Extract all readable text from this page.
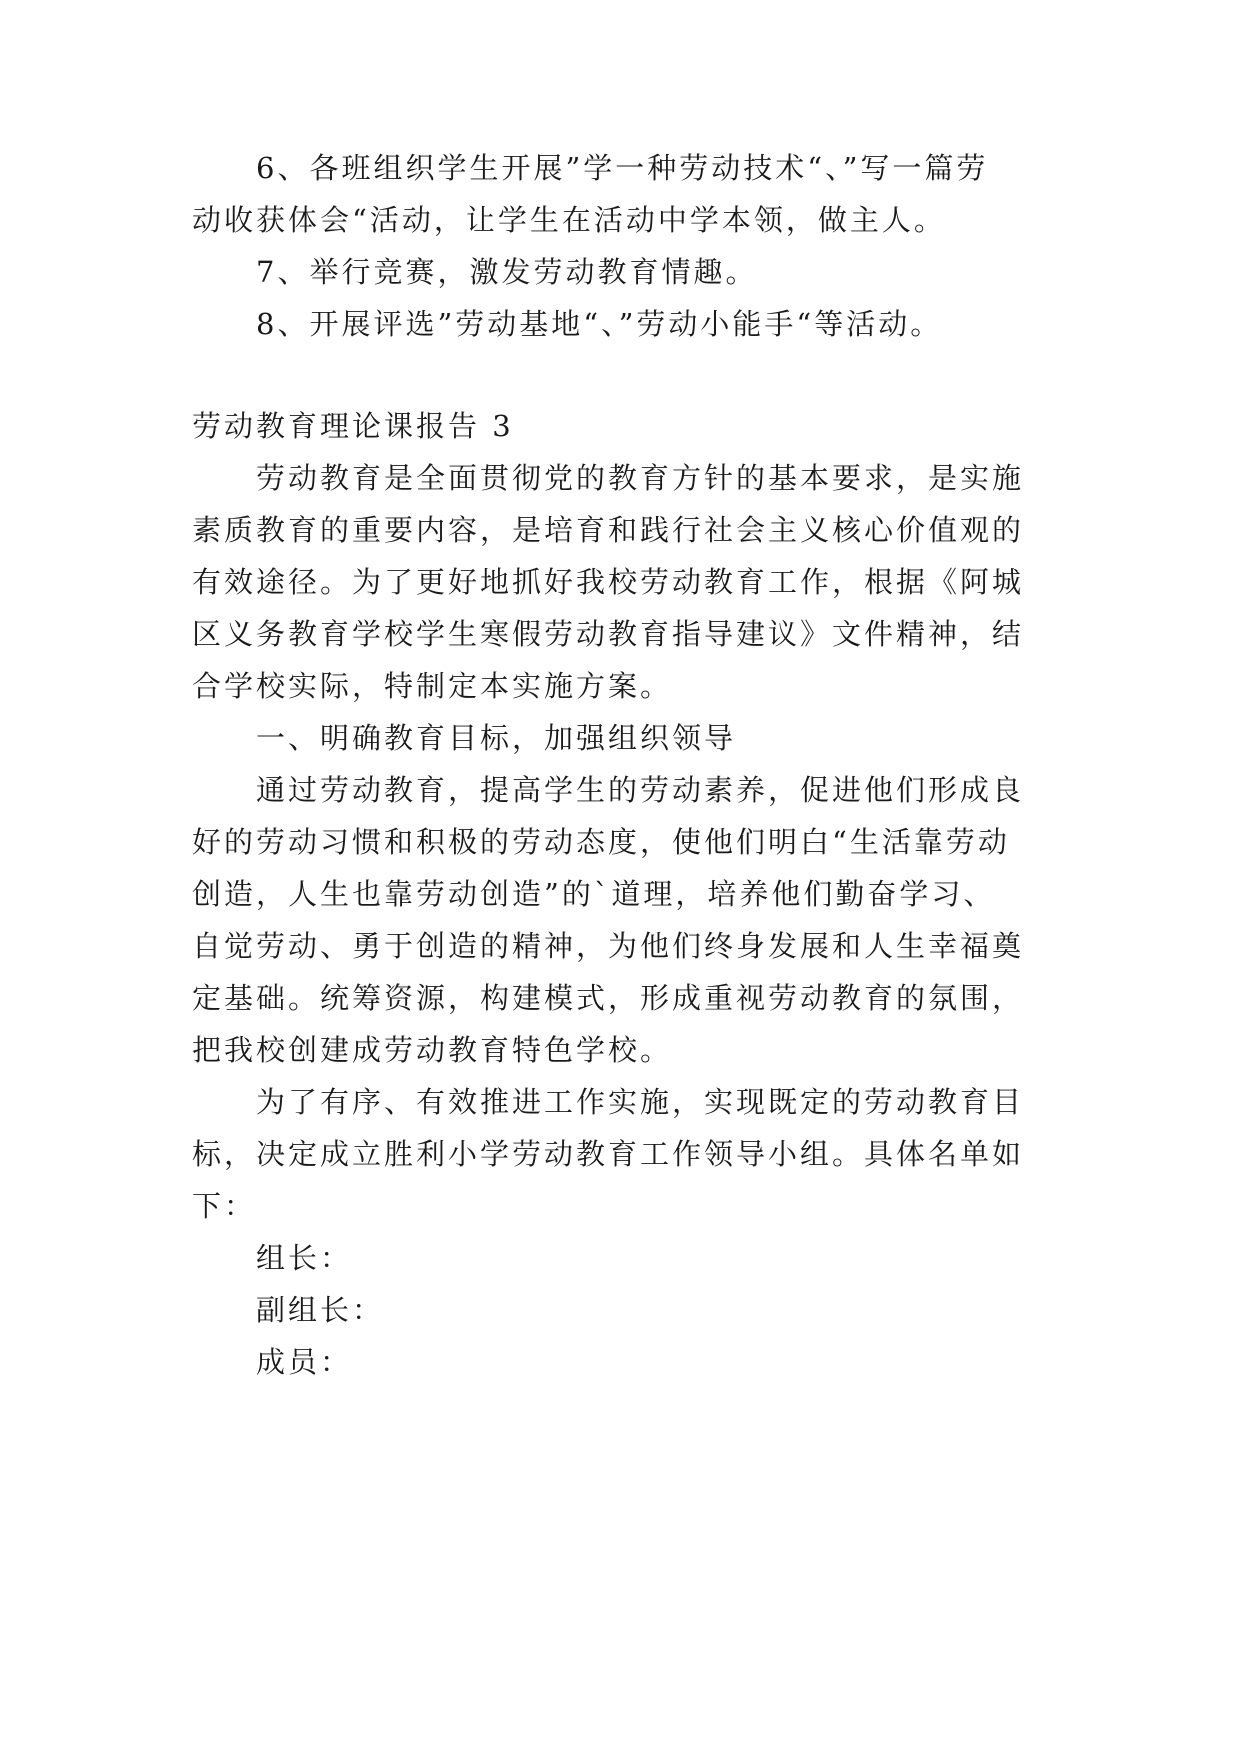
6、各班组织学生开展”学一种劳动技术“、”写一篇劳
动收获体会“活动，让学生在活动中学本领，做主人。
7、举行竞赛，激发劳动教育情趣。
8、开展评选”劳动基地“、”劳动小能手“等活动。
劳动教育理论课报告 3
劳动教育是全面贯彻党的教育方针的基本要求，是实施
素质教育的重要内容，是培育和践行社会主义核心价值观的
有效途径。为了更好地抓好我校劳动教育工作，根据《阿城
区义务教育学校学生寒假劳动教育指导建议》文件精神，结
合学校实际，特制定本实施方案。
一、明确教育目标，加强组织领导
通过劳动教育，提高学生的劳动素养，促进他们形成良
好的劳动习惯和积极的劳动态度，使他们明白“生活靠劳动
创造，人生也靠劳动创造”的`道理，培养他们勤奋学习、
自觉劳动、勇于创造的精神，为他们终身发展和人生幸福奠
定基础。统筹资源，构建模式，形成重视劳动教育的氛围，
把我校创建成劳动教育特色学校。
为了有序、有效推进工作实施，实现既定的劳动教育目
标，决定成立胜利小学劳动教育工作领导小组。具体名单如
下：
组长：
副组长：
成员：
